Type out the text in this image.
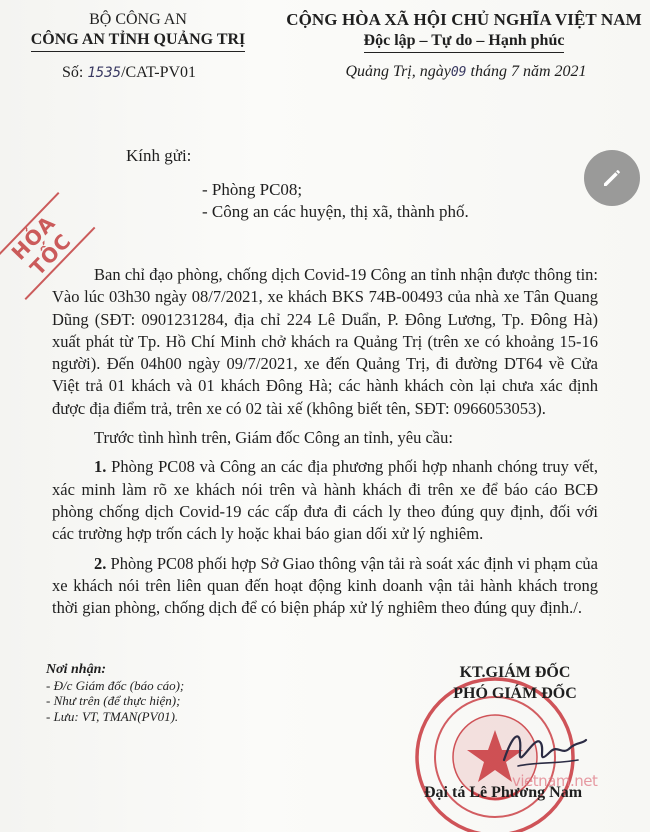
BỘ CÔNG AN
CÔNG AN TỈNH QUẢNG TRỊ
Số: 1535/CAT-PV01
CỘNG HÒA XÃ HỘI CHỦ NGHĨA VIỆT NAM
Độc lập – Tự do – Hạnh phúc
Quảng Trị, ngày09 tháng 7 năm 2021
HỎA TỐC
Kính gửi:
- Phòng PC08;
- Công an các huyện, thị xã, thành phố.

Ban chỉ đạo phòng, chống dịch Covid-19 Công an tỉnh nhận được thông tin: Vào lúc 03h30 ngày 08/7/2021, xe khách BKS 74B-00493 của nhà xe Tân Quang Dũng (SĐT: 0901231284, địa chỉ 224 Lê Duẩn, P. Đông Lương, Tp. Đông Hà) xuất phát từ Tp. Hồ Chí Minh chở khách ra Quảng Trị (trên xe có khoảng 15-16 người). Đến 04h00 ngày 09/7/2021, xe đến Quảng Trị, đi đường DT64 về Cửa Việt trả 01 khách và 01 khách Đông Hà; các hành khách còn lại chưa xác định được địa điểm trả, trên xe có 02 tài xế (không biết tên, SĐT: 0966053053).

Trước tình hình trên, Giám đốc Công an tỉnh, yêu cầu:

1. Phòng PC08 và Công an các địa phương phối hợp nhanh chóng truy vết, xác minh làm rõ xe khách nói trên và hành khách đi trên xe để báo cáo BCĐ phòng chống dịch Covid-19 các cấp đưa đi cách ly theo đúng quy định, đối với các trường hợp trốn cách ly hoặc khai báo gian dối xử lý nghiêm.

2. Phòng PC08 phối hợp Sở Giao thông vận tải rà soát xác định vi phạm của xe khách nói trên liên quan đến hoạt động kinh doanh vận tải hành khách trong thời gian phòng, chống dịch để có biện pháp xử lý nghiêm theo đúng quy định./.

Nơi nhận:
- Đ/c Giám đốc (báo cáo);
- Như trên (để thực hiện);
- Lưu: VT, TMAN(PV01).
KT.GIÁM ĐỐC
PHÓ GIÁM ĐỐC
Đại tá Lê Phương Nam
vietnam.net
